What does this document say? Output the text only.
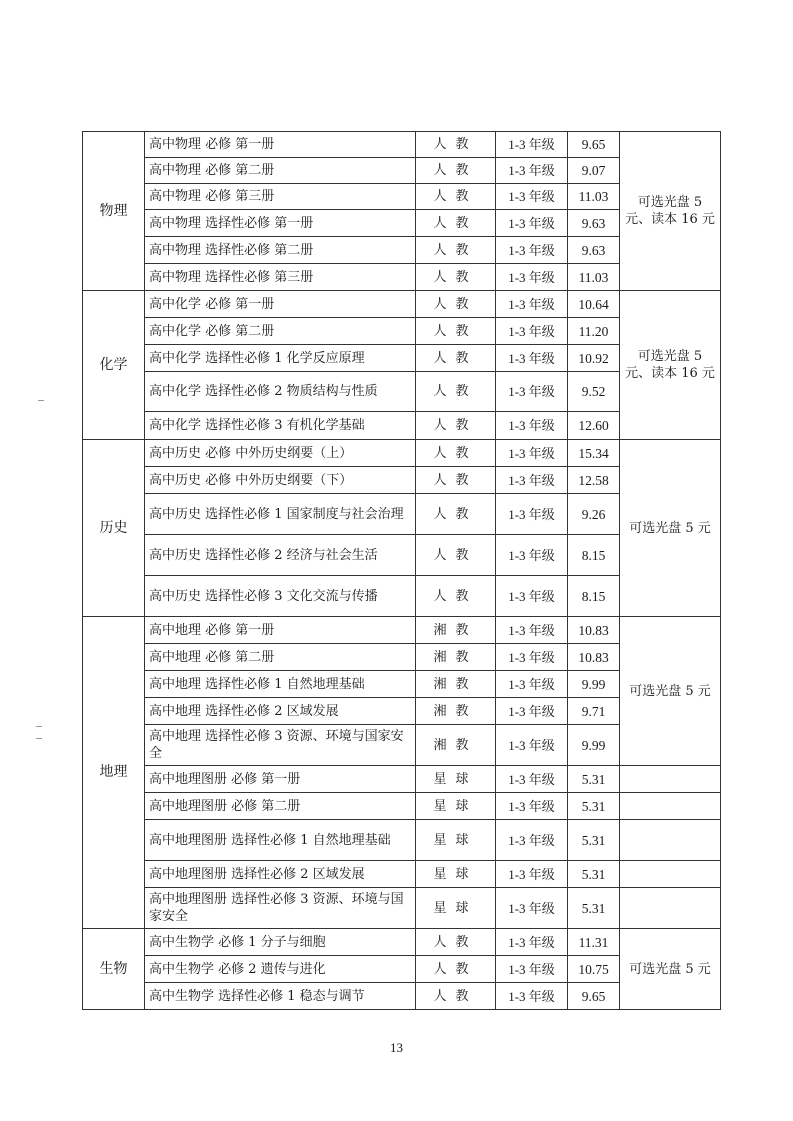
物理	高中物理 必修 第一册	人教	1-3 年级	9.65	可选光盘 5 元、读本 16 元
	高中物理 必修 第二册	人教	1-3 年级	9.07	
	高中物理 必修 第三册	人教	1-3 年级	11.03	
	高中物理 选择性必修 第一册	人教	1-3 年级	9.63	
	高中物理 选择性必修 第二册	人教	1-3 年级	9.63	
	高中物理 选择性必修 第三册	人教	1-3 年级	11.03	
化学	高中化学 必修 第一册	人教	1-3 年级	10.64	可选光盘 5 元、读本 16 元
	高中化学 必修 第二册	人教	1-3 年级	11.20	
	高中化学 选择性必修 1 化学反应原理	人教	1-3 年级	10.92	
	高中化学 选择性必修 2 物质结构与性质	人教	1-3 年级	9.52	
	高中化学 选择性必修 3 有机化学基础	人教	1-3 年级	12.60	
历史	高中历史 必修 中外历史纲要（上）	人教	1-3 年级	15.34	可选光盘 5 元
	高中历史 必修 中外历史纲要（下）	人教	1-3 年级	12.58	
	高中历史 选择性必修 1 国家制度与社会治理	人教	1-3 年级	9.26	
	高中历史 选择性必修 2 经济与社会生活	人教	1-3 年级	8.15	
	高中历史 选择性必修 3 文化交流与传播	人教	1-3 年级	8.15	
地理	高中地理 必修 第一册	湘教	1-3 年级	10.83	可选光盘 5 元
	高中地理 必修 第二册	湘教	1-3 年级	10.83	
	高中地理 选择性必修 1 自然地理基础	湘教	1-3 年级	9.99	
	高中地理 选择性必修 2 区域发展	湘教	1-3 年级	9.71	
	高中地理 选择性必修 3 资源、环境与国家安全	湘教	1-3 年级	9.99	
	高中地理图册 必修 第一册	星球	1-3 年级	5.31	
	高中地理图册 必修 第二册	星球	1-3 年级	5.31	
	高中地理图册 选择性必修 1 自然地理基础	星球	1-3 年级	5.31	
	高中地理图册 选择性必修 2 区域发展	星球	1-3 年级	5.31	
	高中地理图册 选择性必修 3 资源、环境与国家安全	星球	1-3 年级	5.31	
生物	高中生物学 必修 1 分子与细胞	人教	1-3 年级	11.31	可选光盘 5 元
	高中生物学 必修 2 遗传与进化	人教	1-3 年级	10.75	
	高中生物学 选择性必修 1 稳态与调节	人教	1-3 年级	9.65	
13
